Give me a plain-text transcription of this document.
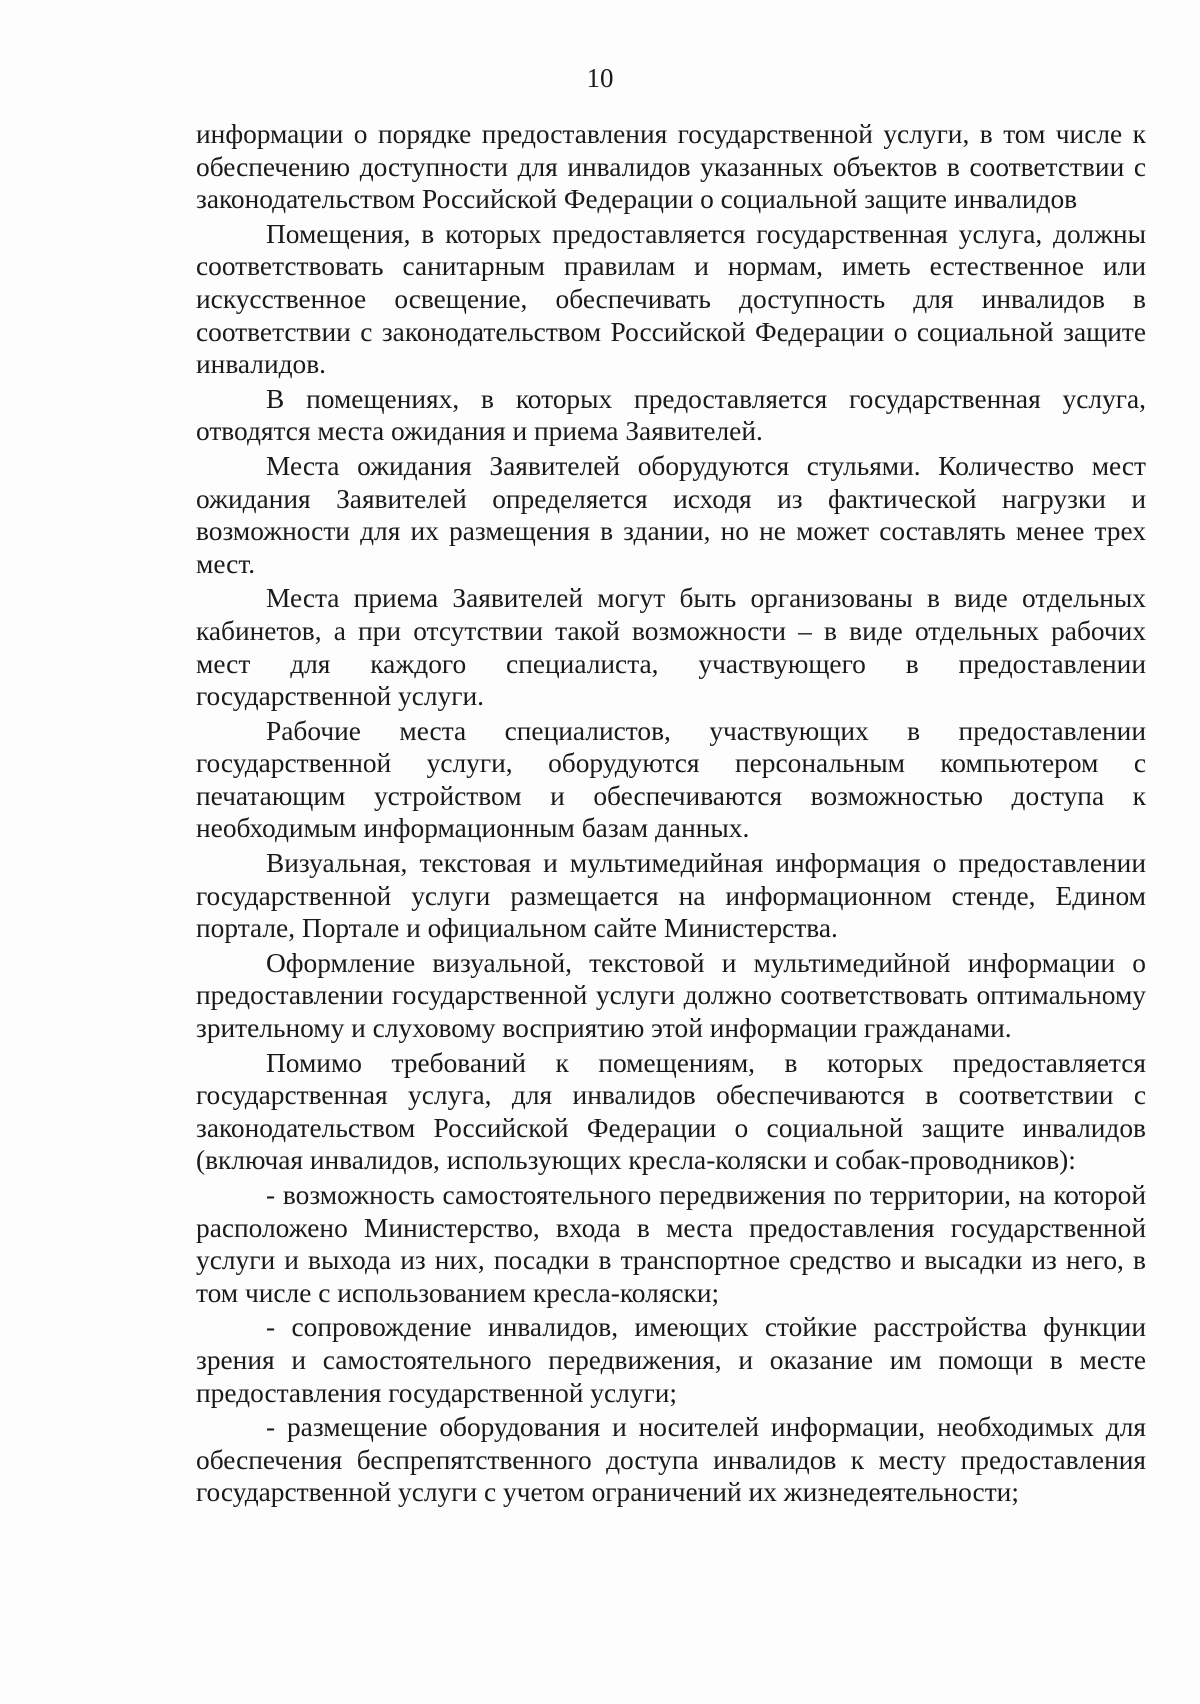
10

информации о порядке предоставления государственной услуги, в том числе к обеспечению доступности для инвалидов указанных объектов в соответствии с законодательством Российской Федерации о социальной защите инвалидов

Помещения, в которых предоставляется государственная услуга, должны соответствовать санитарным правилам и нормам, иметь естественное или искусственное освещение, обеспечивать доступность для инвалидов в соответствии с законодательством Российской Федерации о социальной защите инвалидов.

В помещениях, в которых предоставляется государственная услуга, отводятся места ожидания и приема Заявителей.

Места ожидания Заявителей оборудуются стульями. Количество мест ожидания Заявителей определяется исходя из фактической нагрузки и возможности для их размещения в здании, но не может составлять менее трех мест.

Места приема Заявителей могут быть организованы в виде отдельных кабинетов, а при отсутствии такой возможности – в виде отдельных рабочих мест для каждого специалиста, участвующего в предоставлении государственной услуги.

Рабочие места специалистов, участвующих в предоставлении государственной услуги, оборудуются персональным компьютером с печатающим устройством и обеспечиваются возможностью доступа к необходимым информационным базам данных.

Визуальная, текстовая и мультимедийная информация о предоставлении государственной услуги размещается на информационном стенде, Едином портале, Портале и официальном сайте Министерства.

Оформление визуальной, текстовой и мультимедийной информации о предоставлении государственной услуги должно соответствовать оптимальному зрительному и слуховому восприятию этой информации гражданами.

Помимо требований к помещениям, в которых предоставляется государственная услуга, для инвалидов обеспечиваются в соответствии с законодательством Российской Федерации о социальной защите инвалидов (включая инвалидов, использующих кресла-коляски и собак-проводников):

- возможность самостоятельного передвижения по территории, на которой расположено Министерство, входа в места предоставления государственной услуги и выхода из них, посадки в транспортное средство и высадки из него, в том числе с использованием кресла-коляски;

- сопровождение инвалидов, имеющих стойкие расстройства функции зрения и самостоятельного передвижения, и оказание им помощи в месте предоставления государственной услуги;

- размещение оборудования и носителей информации, необходимых для обеспечения беспрепятственного доступа инвалидов к месту предоставления государственной услуги с учетом ограничений их жизнедеятельности;
